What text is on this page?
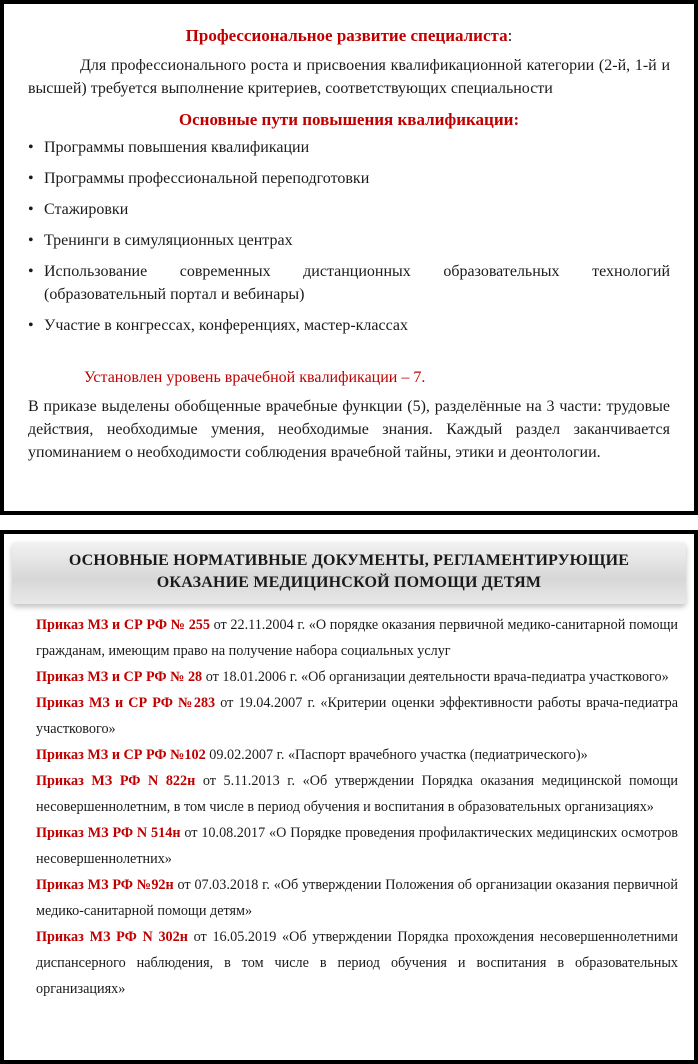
Профессиональное развитие специалиста:

Для профессионального роста и присвоения квалификационной категории (2-й, 1-й и высшей) требуется выполнение критериев, соответствующих специальности

Основные пути повышения квалификации:
• Программы повышения квалификации
• Программы профессиональной переподготовки
• Стажировки
• Тренинги в симуляционных центрах
• Использование современных дистанционных образовательных технологий (образовательный портал и вебинары)
• Участие в конгрессах, конференциях, мастер-классах
Установлен уровень врачебной квалификации – 7.

В приказе выделены обобщенные врачебные функции (5), разделённые на 3 части: трудовые действия, необходимые умения, необходимые знания. Каждый раздел заканчивается упоминанием о необходимости соблюдения врачебной тайны, этики и деонтологии.

ОСНОВНЫЕ НОРМАТИВНЫЕ ДОКУМЕНТЫ, РЕГЛАМЕНТИРУЮЩИЕ
ОКАЗАНИЕ МЕДИЦИНСКОЙ ПОМОЩИ ДЕТЯМ

Приказ МЗ и СР РФ № 255 от 22.11.2004 г. «О порядке оказания первичной медико-санитарной помощи гражданам, имеющим право на получение набора социальных услуг

Приказ МЗ и СР РФ № 28 от 18.01.2006 г. «Об организации деятельности врача-педиатра участкового»

Приказ МЗ и СР РФ №283 от 19.04.2007 г. «Критерии оценки эффективности работы врача-педиатра участкового»

Приказ МЗ и СР РФ №102 09.02.2007 г. «Паспорт врачебного участка (педиатрического)»

Приказ МЗ РФ N 822н от 5.11.2013 г. «Об утверждении Порядка оказания медицинской помощи несовершеннолетним, в том числе в период обучения и воспитания в образовательных организациях»

Приказ МЗ РФ N 514н от 10.08.2017 «О Порядке проведения профилактических медицинских осмотров несовершеннолетних»

Приказ МЗ РФ №92н от 07.03.2018 г. «Об утверждении Положения об организации оказания первичной медико-санитарной помощи детям»

Приказ МЗ РФ N 302н от 16.05.2019 «Об утверждении Порядка прохождения несовершеннолетними диспансерного наблюдения, в том числе в период обучения и воспитания в образовательных организациях»
